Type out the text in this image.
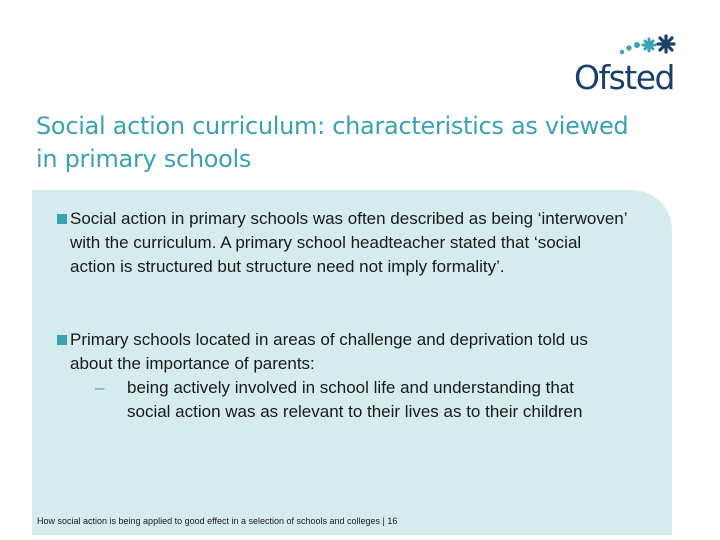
Ofsted
Social action curriculum: characteristics as viewed in primary schools
Social action in primary schools was often described as being ‘interwoven’ with the curriculum. A primary school headteacher stated that ‘social action is structured but structure need not imply formality’.
Primary schools located in areas of challenge and deprivation told us about the importance of parents:
–	being actively involved in school life and understanding that social action was as relevant to their lives as to their children
How social action is being applied to good effect in a selection of schools and colleges | 16
